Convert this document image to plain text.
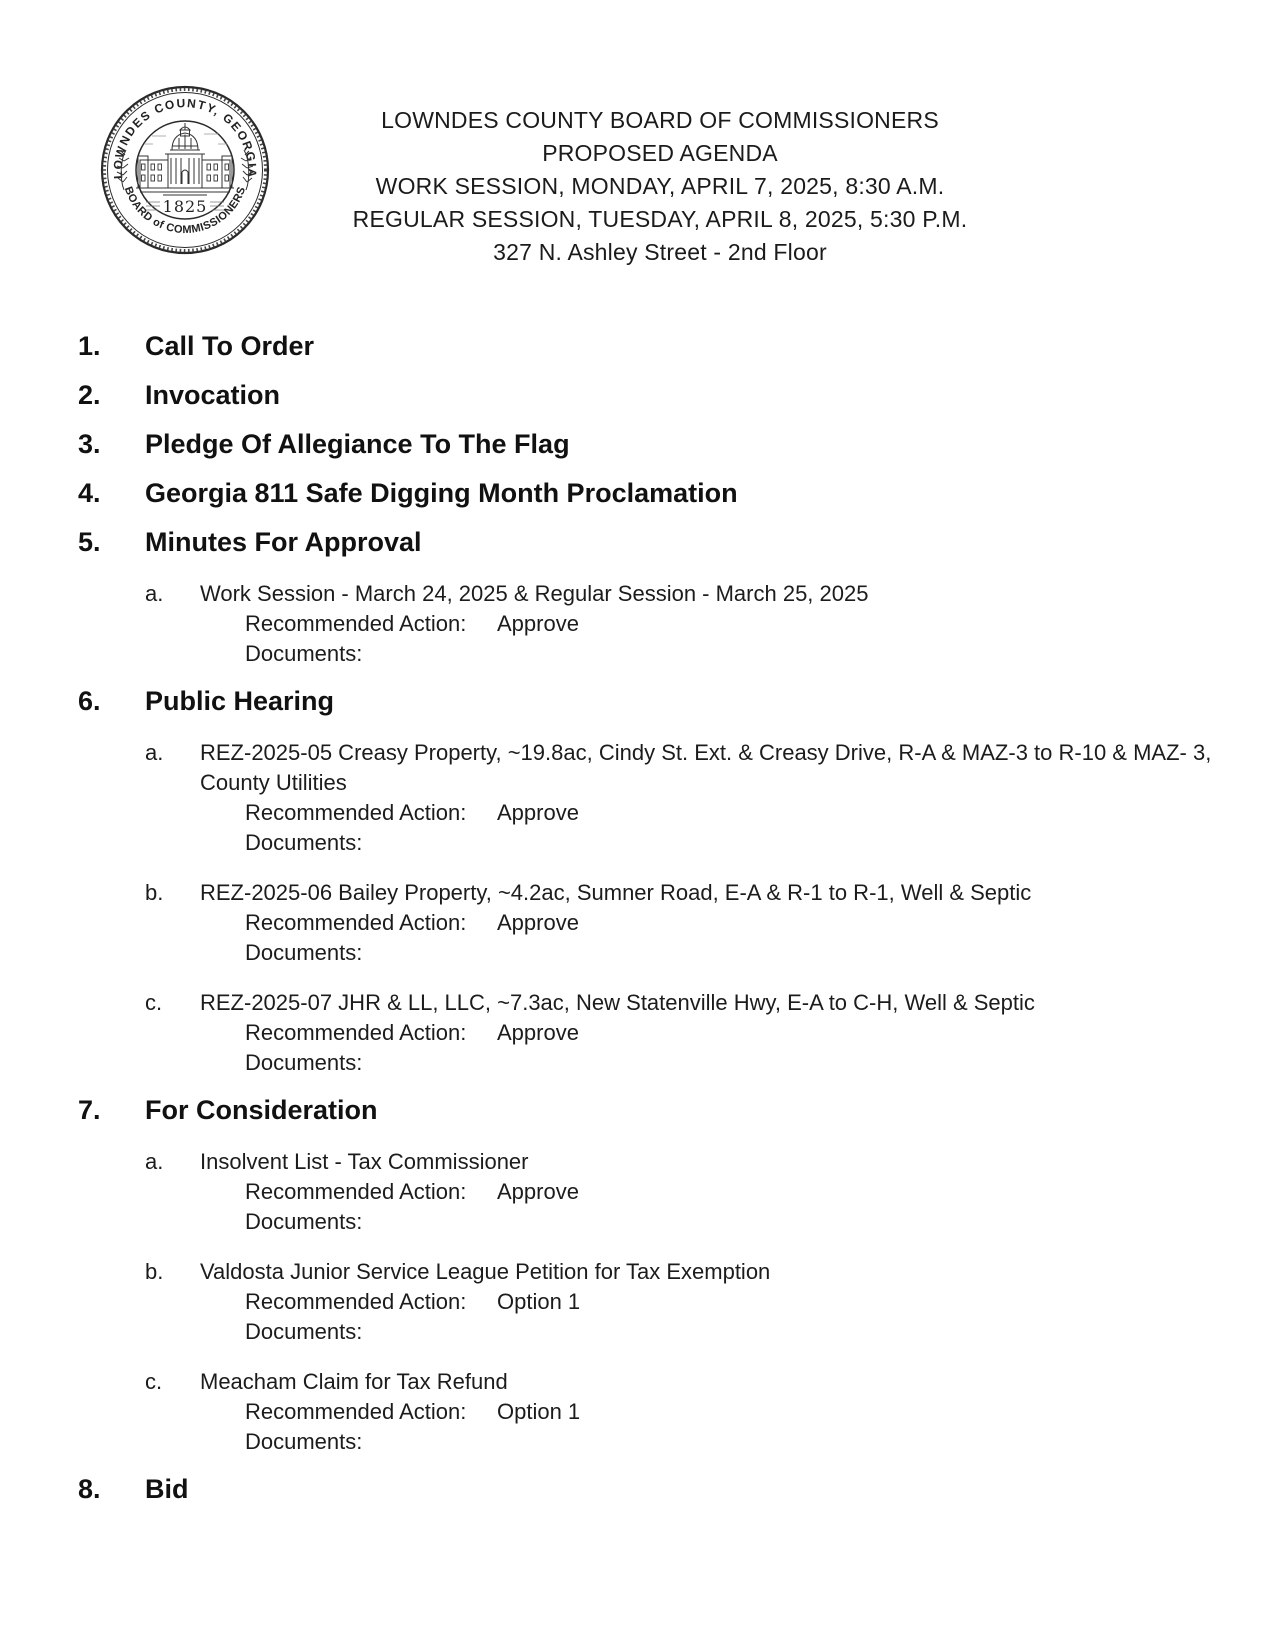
LOWNDES COUNTY, GEORGIA
BOARD of COMMISSIONERS
1825
LOWNDES COUNTY BOARD OF COMMISSIONERS
PROPOSED AGENDA
WORK SESSION, MONDAY, APRIL 7, 2025, 8:30 A.M.
REGULAR SESSION, TUESDAY, APRIL 8, 2025, 5:30 P.M.
327 N. Ashley Street - 2nd Floor
1.	Call To Order
2.	Invocation
3.	Pledge Of Allegiance To The Flag
4.	Georgia 811 Safe Digging Month Proclamation
5.	Minutes For Approval
a.	Work Session - March 24, 2025 & Regular Session - March 25, 2025
Recommended Action:	Approve
Documents:
6.	Public Hearing
a.	REZ-2025-05 Creasy Property, ~19.8ac, Cindy St. Ext. & Creasy Drive, R-A & MAZ-3 to R-10 & MAZ- 3, County Utilities
Recommended Action:	Approve
Documents:
b.	REZ-2025-06 Bailey Property, ~4.2ac, Sumner Road, E-A & R-1 to R-1, Well & Septic
Recommended Action:	Approve
Documents:
c.	REZ-2025-07 JHR & LL, LLC, ~7.3ac, New Statenville Hwy, E-A to C-H, Well & Septic
Recommended Action:	Approve
Documents:
7.	For Consideration
a.	Insolvent List - Tax Commissioner
Recommended Action:	Approve
Documents:
b.	Valdosta Junior Service League Petition for Tax Exemption
Recommended Action:	Option 1
Documents:
c.	Meacham Claim for Tax Refund
Recommended Action:	Option 1
Documents:
8.	Bid
